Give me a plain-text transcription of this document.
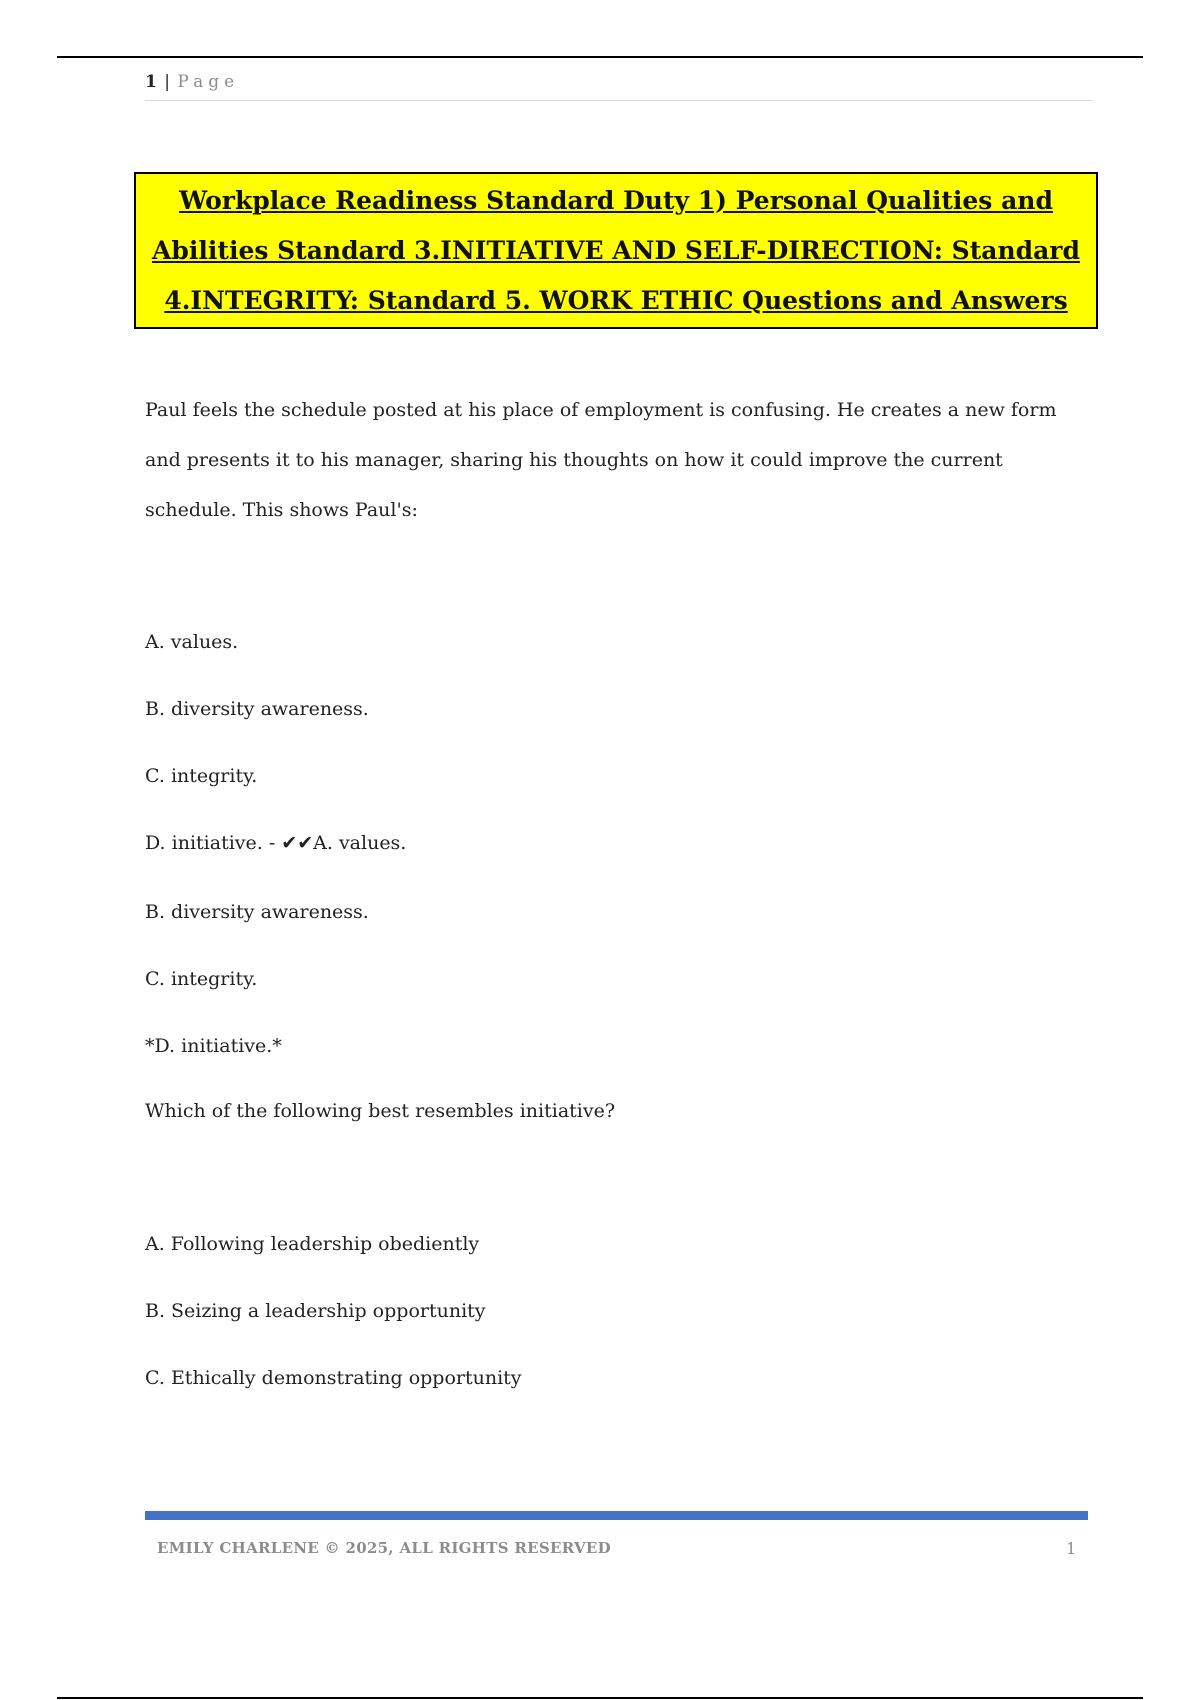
1 | Page
Workplace Readiness Standard Duty 1) Personal Qualities and Abilities Standard 3.INITIATIVE AND SELF-DIRECTION: Standard 4.INTEGRITY: Standard 5. WORK ETHIC Questions and Answers
Paul feels the schedule posted at his place of employment is confusing. He creates a new form and presents it to his manager, sharing his thoughts on how it could improve the current schedule. This shows Paul's:
A. values.
B. diversity awareness.
C. integrity.
D. initiative. - ✔✔A. values.
B. diversity awareness.
C. integrity.
*D. initiative.*
Which of the following best resembles initiative?
A. Following leadership obediently
B. Seizing a leadership opportunity
C. Ethically demonstrating opportunity
EMILY CHARLENE © 2025, ALL RIGHTS RESERVED	1
